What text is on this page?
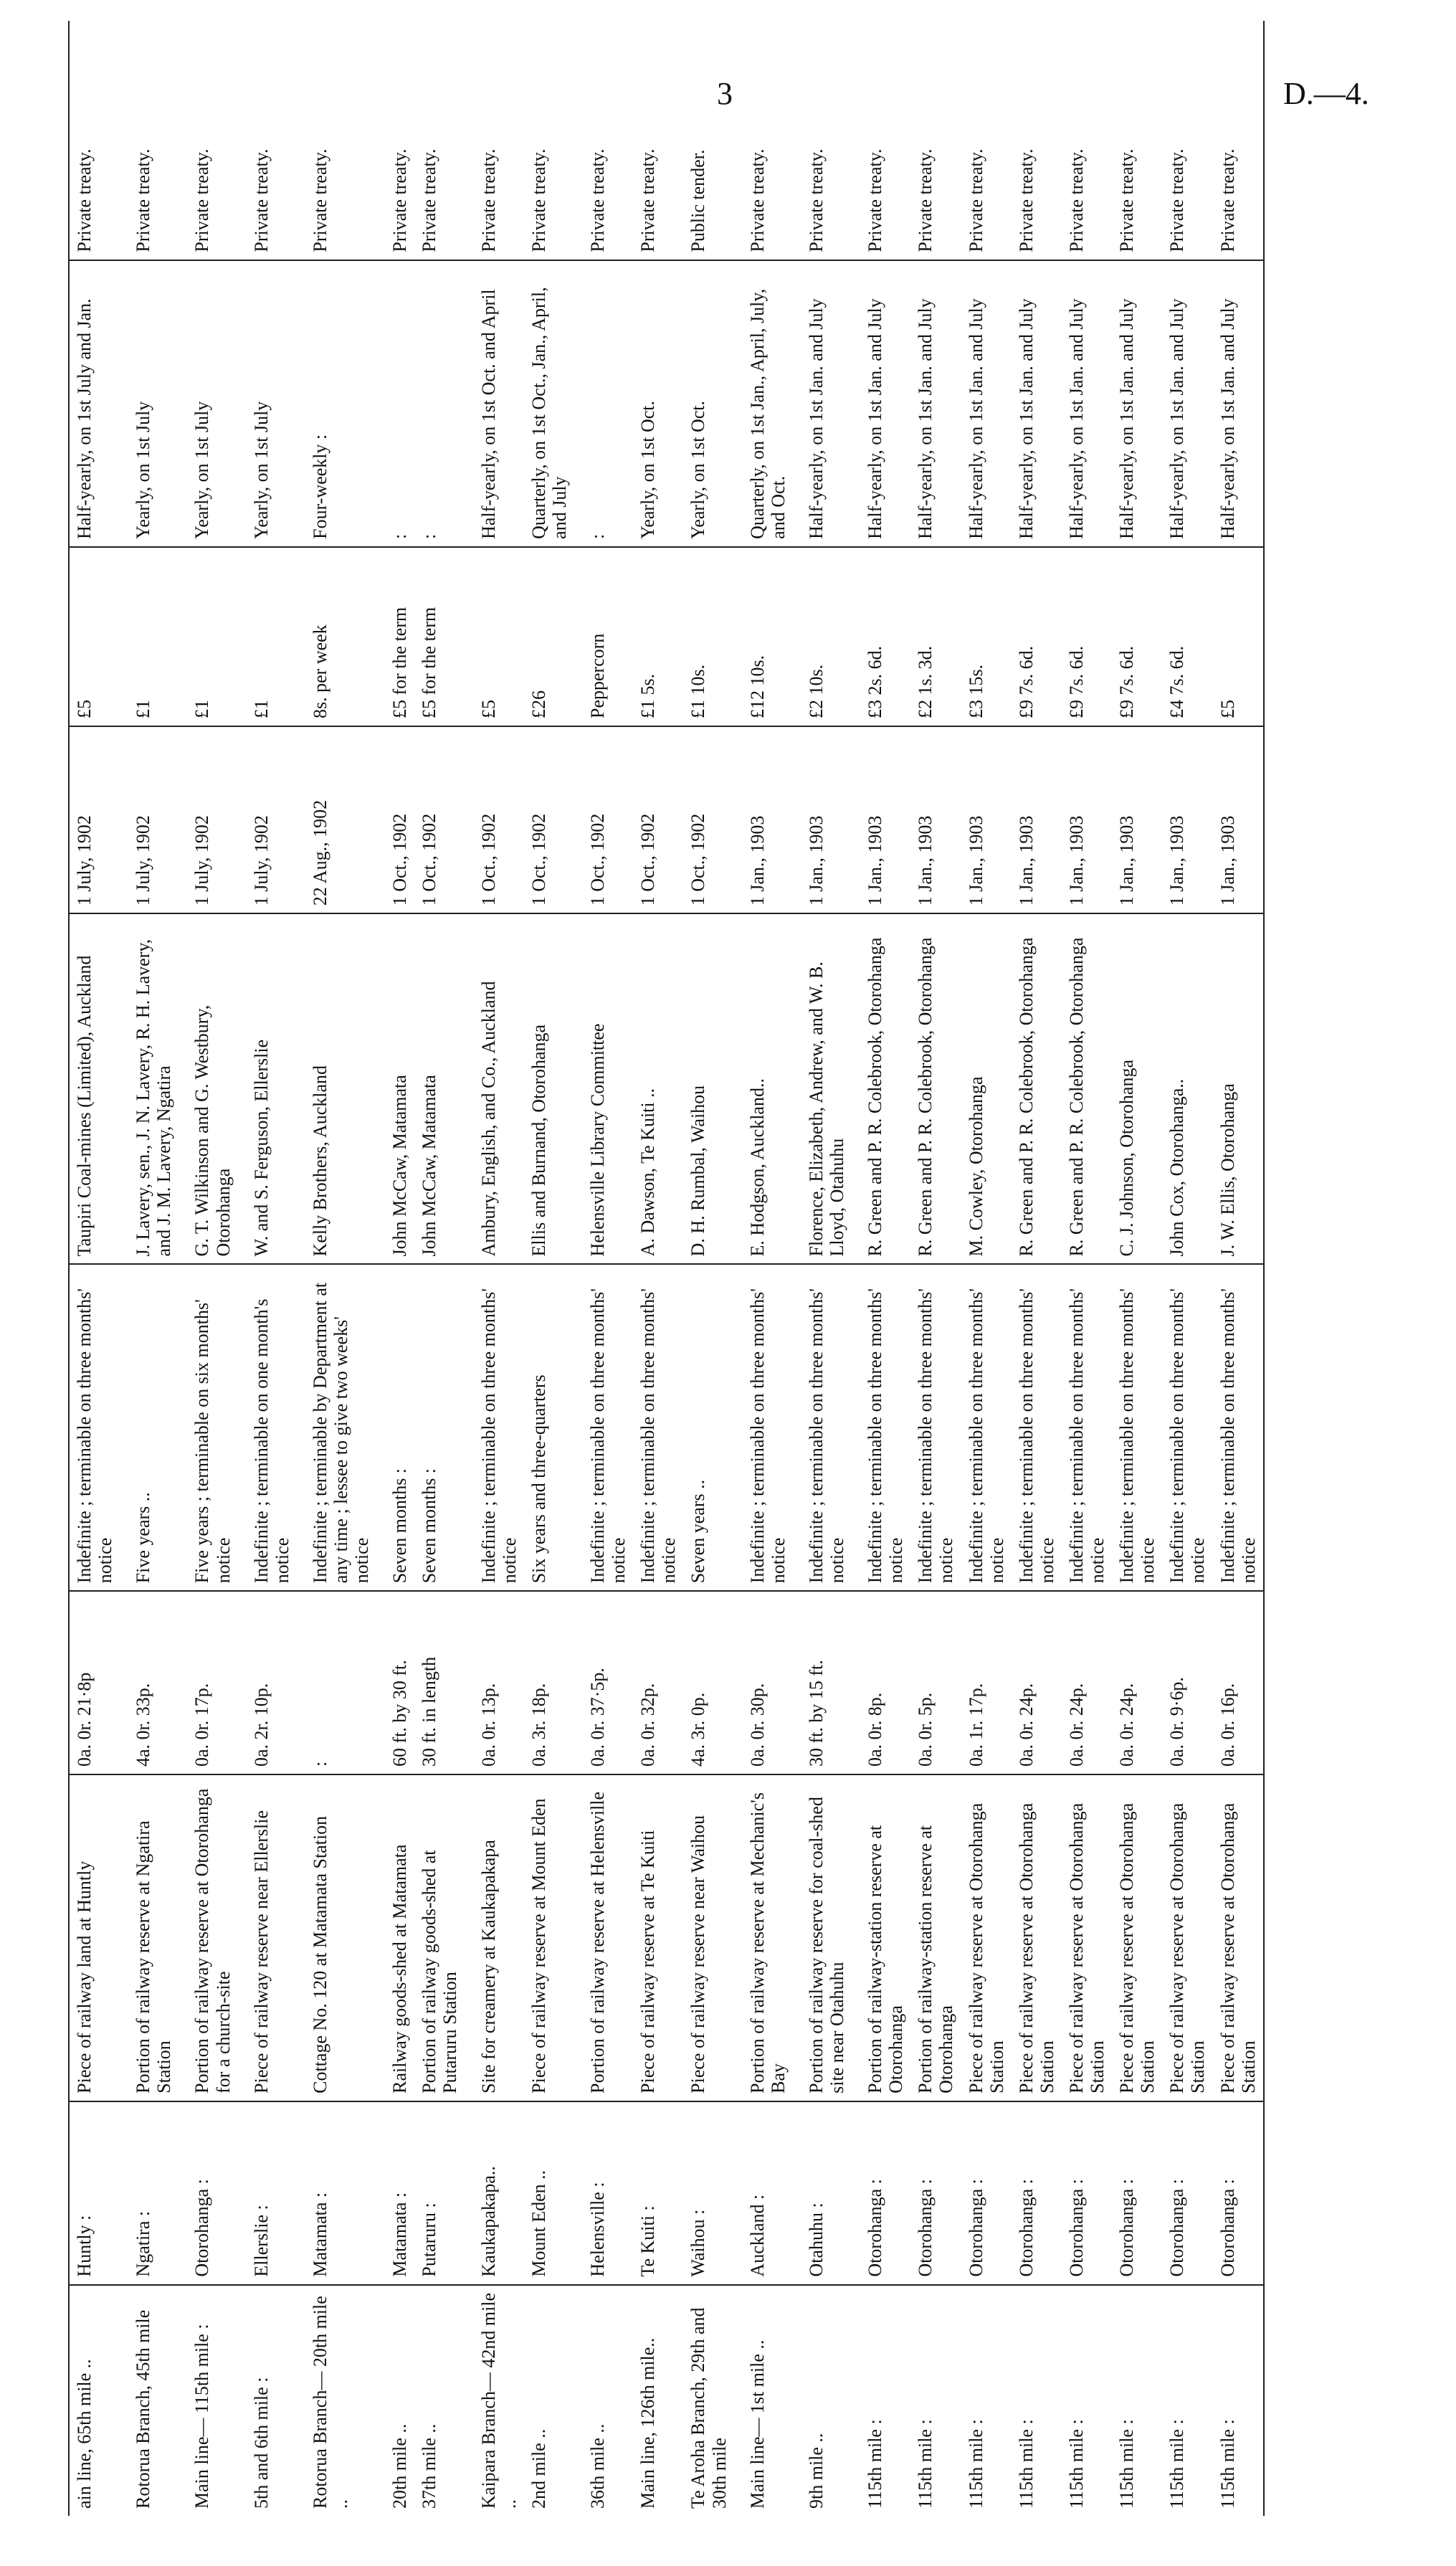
3	D.—4.
ain line, 65th mile ..	Huntly :	Piece of railway land at Huntly	0a. 0r. 21·8p	Indefinite ; terminable on three months' notice	Taupiri Coal-mines (Limited), Auckland	1 July, 1902	£5	Half-yearly, on 1st July and Jan.	Private treaty.
Rotorua Branch, 45th mile	Ngatira :	Portion of railway reserve at Ngatira Station	4a. 0r. 33p.	Five years ..	J. Lavery, sen., J. N. Lavery, R. H. Lavery, and J. M. Lavery, Ngatira	1 July, 1902	£1	Yearly, on 1st July	Private treaty.
Main line— 115th mile :	Otorohanga :	Portion of railway reserve at Otorohanga for a church-site	0a. 0r. 17p.	Five years ; terminable on six months' notice	G. T. Wilkinson and G. Westbury, Otorohanga	1 July, 1902	£1	Yearly, on 1st July	Private treaty.
5th and 6th mile :	Ellerslie :	Piece of railway reserve near Ellerslie	0a. 2r. 10p.	Indefinite ; terminable on one month's notice	W. and S. Ferguson, Ellerslie	1 July, 1902	£1	Yearly, on 1st July	Private treaty.
Rotorua Branch— 20th mile ..	Matamata :	Cottage No. 120 at Matamata Station	:	Indefinite ; terminable by Department at any time ; lessee to give two weeks' notice	Kelly Brothers, Auckland	22 Aug., 1902	8s. per week	Four-weekly :	Private treaty.
20th mile ..	Matamata :	Railway goods-shed at Matamata	60 ft. by 30 ft.	Seven months :	John McCaw, Matamata	1 Oct., 1902	£5 for the term	:	Private treaty.
37th mile ..	Putaruru :	Portion of railway goods-shed at Putaruru Station	30 ft. in length	Seven months :	John McCaw, Matamata	1 Oct., 1902	£5 for the term	:	Private treaty.
Kaipara Branch— 42nd mile ..	Kaukapakapa..	Site for creamery at Kaukapakapa	0a. 0r. 13p.	Indefinite ; terminable on three months' notice	Ambury, English, and Co., Auckland	1 Oct., 1902	£5	Half-yearly, on 1st Oct. and April	Private treaty.
2nd mile ..	Mount Eden ..	Piece of railway reserve at Mount Eden	0a. 3r. 18p.	Six years and three-quarters	Ellis and Burnand, Otorohanga	1 Oct., 1902	£26	Quarterly, on 1st Oct., Jan., April, and July	Private treaty.
36th mile ..	Helensville :	Portion of railway reserve at Helensville	0a. 0r. 37·5p.	Indefinite ; terminable on three months' notice	Helensville Library Committee	1 Oct., 1902	Peppercorn	:	Private treaty.
Main line, 126th mile..	Te Kuiti :	Piece of railway reserve at Te Kuiti	0a. 0r. 32p.	Indefinite ; terminable on three months' notice	A. Dawson, Te Kuiti ..	1 Oct., 1902	£1 5s.	Yearly, on 1st Oct.	Private treaty.
Te Aroha Branch, 29th and 30th mile	Waihou :	Piece of railway reserve near Waihou	4a. 3r. 0p.	Seven years ..	D. H. Rumbal, Waihou	1 Oct., 1902	£1 10s.	Yearly, on 1st Oct.	Public tender.
Main line— 1st mile ..	Auckland :	Portion of railway reserve at Mechanic's Bay	0a. 0r. 30p.	Indefinite ; terminable on three months' notice	E. Hodgson, Auckland..	1 Jan., 1903	£12 10s.	Quarterly, on 1st Jan., April, July, and Oct.	Private treaty.
9th mile ..	Otahuhu :	Portion of railway reserve for coal-shed site near Otahuhu	30 ft. by 15 ft.	Indefinite ; terminable on three months' notice	Florence, Elizabeth, Andrew, and W. B. Lloyd, Otahuhu	1 Jan., 1903	£2 10s.	Half-yearly, on 1st Jan. and July	Private treaty.
115th mile :	Otorohanga :	Portion of railway-station reserve at Otorohanga	0a. 0r. 8p.	Indefinite ; terminable on three months' notice	R. Green and P. R. Colebrook, Otorohanga	1 Jan., 1903	£3 2s. 6d.	Half-yearly, on 1st Jan. and July	Private treaty.
115th mile :	Otorohanga :	Portion of railway-station reserve at Otorohanga	0a. 0r. 5p.	Indefinite ; terminable on three months' notice	R. Green and P. R. Colebrook, Otorohanga	1 Jan., 1903	£2 1s. 3d.	Half-yearly, on 1st Jan. and July	Private treaty.
115th mile :	Otorohanga :	Piece of railway reserve at Otorohanga Station	0a. 1r. 17p.	Indefinite ; terminable on three months' notice	M. Cowley, Otorohanga	1 Jan., 1903	£3 15s.	Half-yearly, on 1st Jan. and July	Private treaty.
115th mile :	Otorohanga :	Piece of railway reserve at Otorohanga Station	0a. 0r. 24p.	Indefinite ; terminable on three months' notice	R. Green and P. R. Colebrook, Otorohanga	1 Jan., 1903	£9 7s. 6d.	Half-yearly, on 1st Jan. and July	Private treaty.
115th mile :	Otorohanga :	Piece of railway reserve at Otorohanga Station	0a. 0r. 24p.	Indefinite ; terminable on three months' notice	R. Green and P. R. Colebrook, Otorohanga	1 Jan., 1903	£9 7s. 6d.	Half-yearly, on 1st Jan. and July	Private treaty.
115th mile :	Otorohanga :	Piece of railway reserve at Otorohanga Station	0a. 0r. 24p.	Indefinite ; terminable on three months' notice	C. J. Johnson, Otorohanga	1 Jan., 1903	£9 7s. 6d.	Half-yearly, on 1st Jan. and July	Private treaty.
115th mile :	Otorohanga :	Piece of railway reserve at Otorohanga Station	0a. 0r. 9·6p.	Indefinite ; terminable on three months' notice	John Cox, Otorohanga..	1 Jan., 1903	£4 7s. 6d.	Half-yearly, on 1st Jan. and July	Private treaty.
115th mile :	Otorohanga :	Piece of railway reserve at Otorohanga Station	0a. 0r. 16p.	Indefinite ; terminable on three months' notice	J. W. Ellis, Otorohanga	1 Jan., 1903	£5	Half-yearly, on 1st Jan. and July	Private treaty.
